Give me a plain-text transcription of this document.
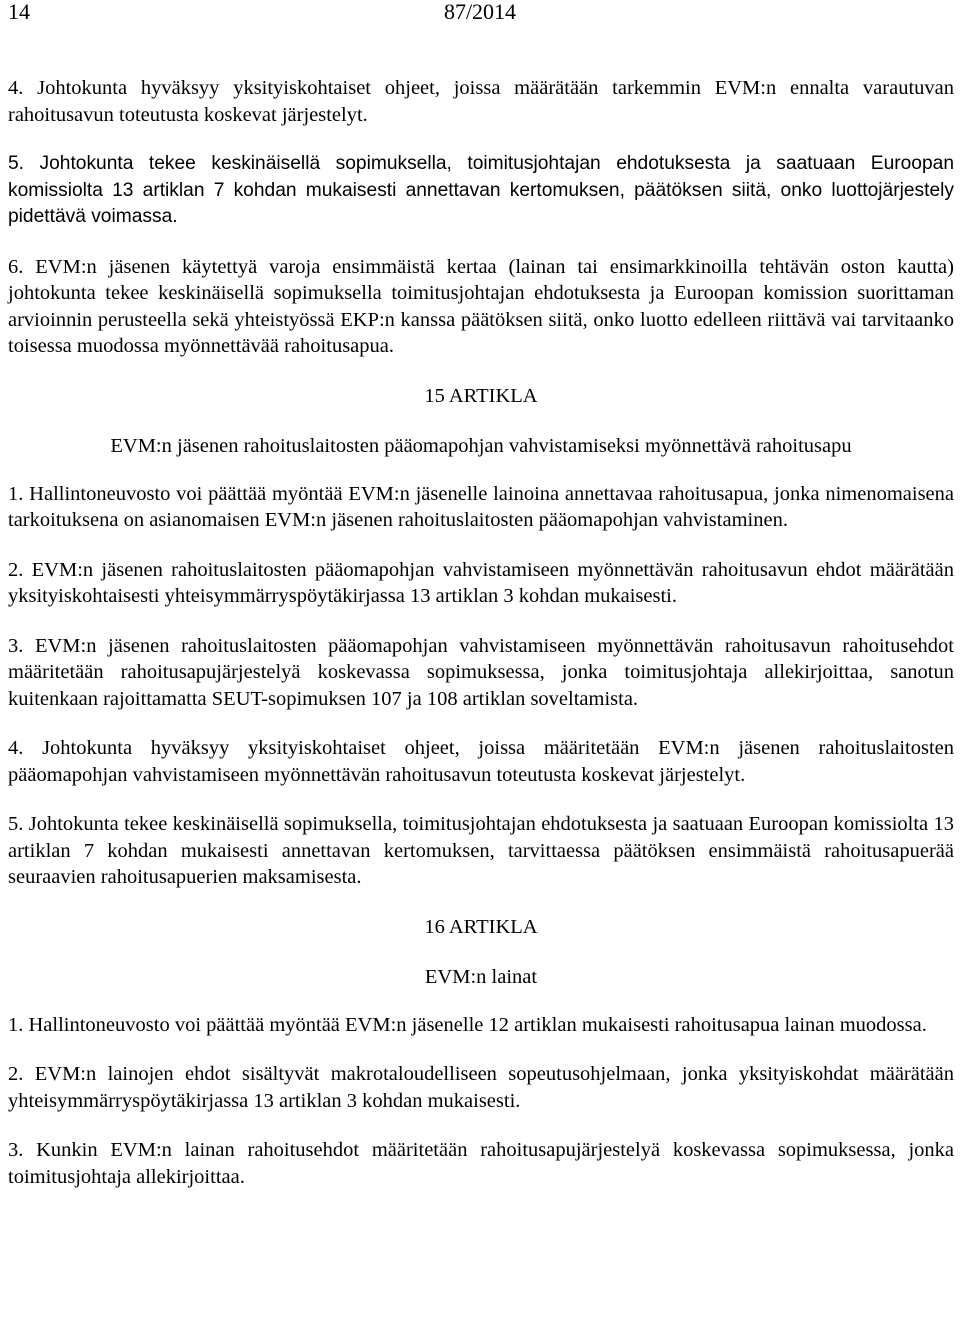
14	87/2014

4. Johtokunta hyväksyy yksityiskohtaiset ohjeet, joissa määrätään tarkemmin EVM:n ennalta varautuvan rahoitusavun toteutusta koskevat järjestelyt.

5. Johtokunta tekee keskinäisellä sopimuksella, toimitusjohtajan ehdotuksesta ja saatuaan Euroopan komissiolta 13 artiklan 7 kohdan mukaisesti annettavan kertomuksen, päätöksen siitä, onko luottojärjestely pidettävä voimassa.

6. EVM:n jäsenen käytettyä varoja ensimmäistä kertaa (lainan tai ensimarkkinoilla tehtävän oston kautta) johtokunta tekee keskinäisellä sopimuksella toimitusjohtajan ehdotuksesta ja Euroopan komission suorittaman arvioinnin perusteella sekä yhteistyössä EKP:n kanssa päätöksen siitä, onko luotto edelleen riittävä vai tarvitaanko toisessa muodossa myönnettävää rahoitusapua.

15 ARTIKLA
EVM:n jäsenen rahoituslaitosten pääomapohjan vahvistamiseksi myönnettävä rahoitusapu

1. Hallintoneuvosto voi päättää myöntää EVM:n jäsenelle lainoina annettavaa rahoitusapua, jonka nimenomaisena tarkoituksena on asianomaisen EVM:n jäsenen rahoituslaitosten pääomapohjan vahvistaminen.

2. EVM:n jäsenen rahoituslaitosten pääomapohjan vahvistamiseen myönnettävän rahoitusavun ehdot määrätään yksityiskohtaisesti yhteisymmärryspöytäkirjassa 13 artiklan 3 kohdan mukaisesti.

3. EVM:n jäsenen rahoituslaitosten pääomapohjan vahvistamiseen myönnettävän rahoitusavun rahoitusehdot määritetään rahoitusapujärjestelyä koskevassa sopimuksessa, jonka toimitusjohtaja allekirjoittaa, sanotun kuitenkaan rajoittamatta SEUT-sopimuksen 107 ja 108 artiklan soveltamista.

4. Johtokunta hyväksyy yksityiskohtaiset ohjeet, joissa määritetään EVM:n jäsenen rahoituslaitosten pääomapohjan vahvistamiseen myönnettävän rahoitusavun toteutusta koskevat järjestelyt.

5. Johtokunta tekee keskinäisellä sopimuksella, toimitusjohtajan ehdotuksesta ja saatuaan Euroopan komissiolta 13 artiklan 7 kohdan mukaisesti annettavan kertomuksen, tarvittaessa päätöksen ensimmäistä rahoitusapuerää seuraavien rahoitusapuerien maksamisesta.

16 ARTIKLA
EVM:n lainat

1. Hallintoneuvosto voi päättää myöntää EVM:n jäsenelle 12 artiklan mukaisesti rahoitusapua lainan muodossa.

2. EVM:n lainojen ehdot sisältyvät makrotaloudelliseen sopeutusohjelmaan, jonka yksityiskohdat määrätään yhteisymmärryspöytäkirjassa 13 artiklan 3 kohdan mukaisesti.

3. Kunkin EVM:n lainan rahoitusehdot määritetään rahoitusapujärjestelyä koskevassa sopimuksessa, jonka toimitusjohtaja allekirjoittaa.
